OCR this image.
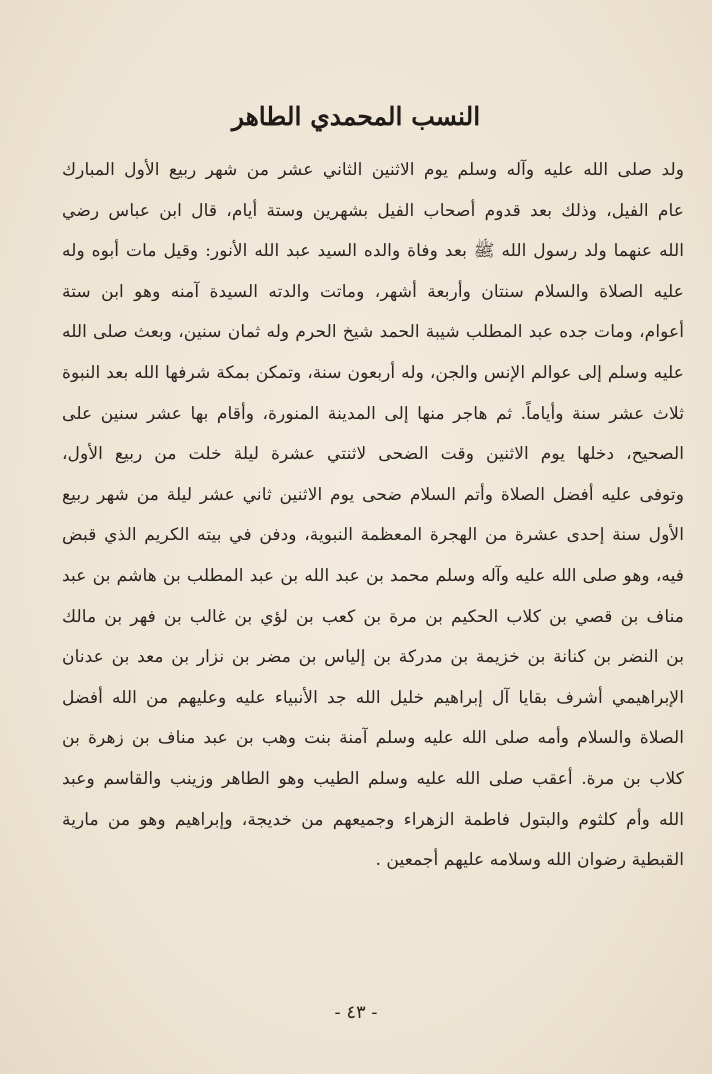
النسب المحمدي الطاهر
ولد صلى الله عليه وآله وسلم يوم الاثنين الثاني عشر من شهر ربيع الأول المبارك
عام الفيل، وذلك بعد قدوم أصحاب الفيل بشهرين وستة أيام، قال ابن عباس رضي
الله عنهما ولد رسول الله ﷺ بعد وفاة والده السيد عبد الله الأنور: وقيل مات أبوه وله
عليه الصلاة والسلام سنتان وأربعة أشهر، وماتت والدته السيدة آمنه وهو ابن ستة
أعوام، ومات جده عبد المطلب شيبة الحمد شيخ الحرم وله ثمان سنين، وبعث صلى الله
عليه وسلم إلى عوالم الإنس والجن، وله أربعون سنة، وتمكن بمكة شرفها الله بعد النبوة
ثلاث عشر سنة وأياماً. ثم هاجر منها إلى المدينة المنورة، وأقام بها عشر سنين على
الصحيح، دخلها يوم الاثنين وقت الضحى لاثنتي عشرة ليلة خلت من ربيع الأول،
وتوفى عليه أفضل الصلاة وأتم السلام ضحى يوم الاثنين ثاني عشر ليلة من شهر ربيع
الأول سنة إحدى عشرة من الهجرة المعظمة النبوية، ودفن في بيته الكريم الذي قبض
فيه، وهو صلى الله عليه وآله وسلم محمد بن عبد الله بن عبد المطلب بن هاشم بن عبد
مناف بن قصي بن كلاب الحكيم بن مرة بن كعب بن لؤي بن غالب بن فهر بن مالك
بن النضر بن كنانة بن خزيمة بن مدركة بن إلياس بن مضر بن نزار بن معد بن عدنان
الإبراهيمي أشرف بقايا آل إبراهيم خليل الله جد الأنبياء عليه وعليهم من الله أفضل
الصلاة والسلام وأمه صلى الله عليه وسلم آمنة بنت وهب بن عبد مناف بن زهرة بن
كلاب بن مرة. أعقب صلى الله عليه وسلم الطيب وهو الطاهر وزينب والقاسم وعبد
الله وأم كلثوم والبتول فاطمة الزهراء وجميعهم من خديجة، وإبراهيم وهو من مارية
القبطية رضوان الله وسلامه عليهم أجمعين .
- ٤٣ -
